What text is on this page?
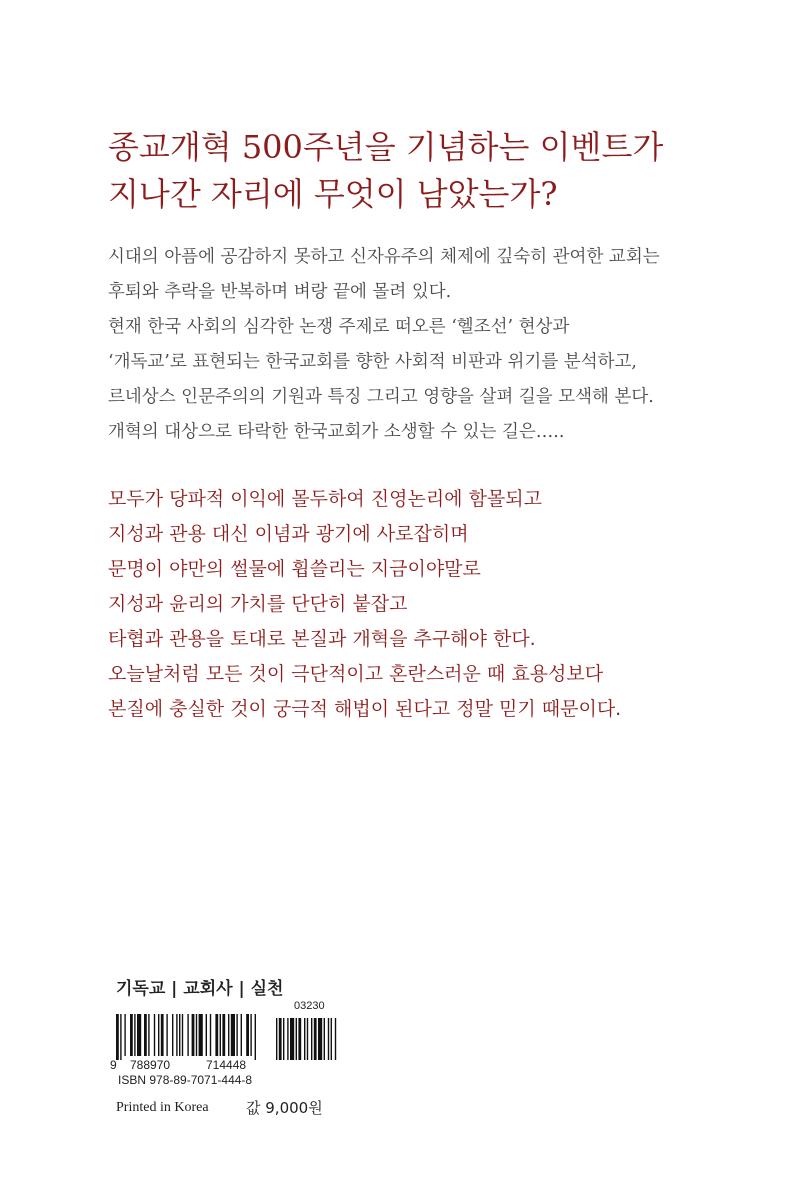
종교개혁 500주년을 기념하는 이벤트가
지나간 자리에 무엇이 남았는가?
시대의 아픔에 공감하지 못하고 신자유주의 체제에 깊숙히 관여한 교회는
후퇴와 추락을 반복하며 벼랑 끝에 몰려 있다.
현재 한국 사회의 심각한 논쟁 주제로 떠오른 ‘헬조선’ 현상과
‘개독교’로 표현되는 한국교회를 향한 사회적 비판과 위기를 분석하고,
르네상스 인문주의의 기원과 특징 그리고 영향을 살펴 길을 모색해 본다.
개혁의 대상으로 타락한 한국교회가 소생할 수 있는 길은…..
모두가 당파적 이익에 몰두하여 진영논리에 함몰되고
지성과 관용 대신 이념과 광기에 사로잡히며
문명이 야만의 썰물에 휩쓸리는 지금이야말로
지성과 윤리의 가치를 단단히 붙잡고
타협과 관용을 토대로 본질과 개혁을 추구해야 한다.
오늘날처럼 모든 것이 극단적이고 혼란스러운 때 효용성보다
본질에 충실한 것이 궁극적 해법이 된다고 정말 믿기 때문이다.
기독교 | 교회사 | 실천
03230
9 788970	714448
ISBN 978-89-7071-444-8
Printed in Korea 값 9,000원
